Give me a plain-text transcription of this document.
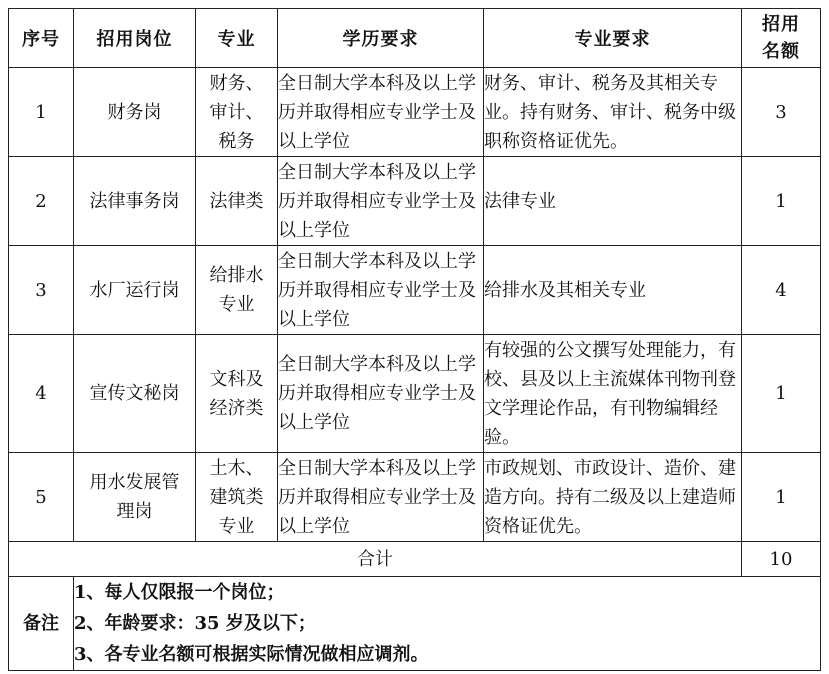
序号	招用岗位	专业	学历要求	专业要求	招用名额
1	财务岗	财务、
审计、
税务	全日制大学本科及以上学历并取得相应专业学士及以上学位	财务、审计、税务及其相关专业。持有财务、审计、税务中级职称资格证优先。	3
2	法律事务岗	法律类	全日制大学本科及以上学历并取得相应专业学士及以上学位	法律专业	1
3	水厂运行岗	给排水
专业	全日制大学本科及以上学历并取得相应专业学士及以上学位	给排水及其相关专业	4
4	宣传文秘岗	文科及
经济类	全日制大学本科及以上学历并取得相应专业学士及以上学位	有较强的公文撰写处理能力，有校、县及以上主流媒体刊物刊登文学理论作品，有刊物编辑经验。	1
5	用水发展管理岗	土木、
建筑类
专业	全日制大学本科及以上学历并取得相应专业学士及以上学位	市政规划、市政设计、造价、建造方向。持有二级及以上建造师资格证优先。	1
合计					10
备注	1、每人仅限报一个岗位；
2、年龄要求：35 岁及以下；
3、各专业名额可根据实际情况做相应调剂。				
